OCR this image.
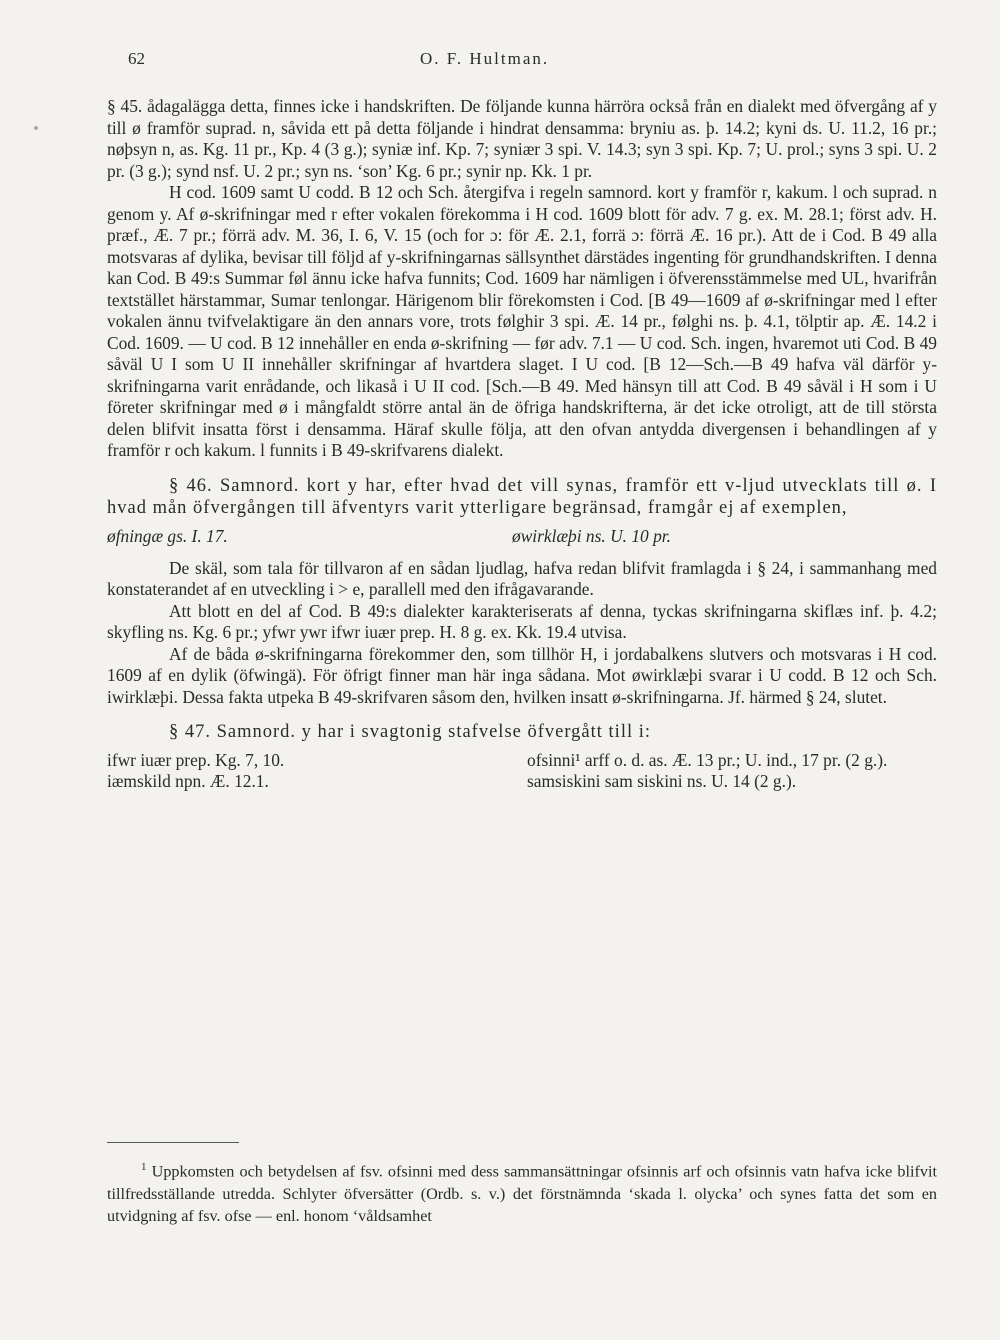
62	O. F. Hultman.

§ 45. ådagalägga detta, finnes icke i handskriften. De följande kunna härröra också från en dialekt med öfvergång af y till ø framför suprad. n, såvida ett på detta följande i hindrat densamma: bryniu as. þ. 14.2; kyni ds. U. 11.2, 16 pr.; nøþsyn n, as. Kg. 11 pr., Kp. 4 (3 g.); syniæ inf. Kp. 7; syniær 3 spi. V. 14.3; syn 3 spi. Kp. 7; U. prol.; syns 3 spi. U. 2 pr. (3 g.); synd nsf. U. 2 pr.; syn ns. ‘son’ Kg. 6 pr.; synir np. Kk. 1 pr.

H cod. 1609 samt U codd. B 12 och Sch. återgifva i regeln samnord. kort y framför r, kakum. l och suprad. n genom y. Af ø-skrifningar med r efter vokalen förekomma i H cod. 1609 blott för adv. 7 g. ex. M. 28.1; först adv. H. præf., Æ. 7 pr.; förrä adv. M. 36, I. 6, V. 15 (och for ɔ: för Æ. 2.1, forrä ɔ: förrä Æ. 16 pr.). Att de i Cod. B 49 alla motsvaras af dylika, bevisar till följd af y-skrifningarnas sällsynthet därstädes ingenting för grundhandskriften. I denna kan Cod. B 49:s Summar føl ännu icke hafva funnits; Cod. 1609 har nämligen i öfverensstämmelse med UL, hvarifrån textstället härstammar, Sumar tenlongar. Härigenom blir förekomsten i Cod. [B 49—1609 af ø-skrifningar med l efter vokalen ännu tvifvelaktigare än den annars vore, trots følghir 3 spi. Æ. 14 pr., følghi ns. þ. 4.1, tölptir ap. Æ. 14.2 i Cod. 1609. — U cod. B 12 innehåller en enda ø-skrifning — før adv. 7.1 — U cod. Sch. ingen, hvaremot uti Cod. B 49 såväl U I som U II innehåller skrifningar af hvartdera slaget. I U cod. [B 12—Sch.—B 49 hafva väl därför y-skrifningarna varit enrådande, och likaså i U II cod. [Sch.—B 49. Med hänsyn till att Cod. B 49 såväl i H som i U företer skrifningar med ø i mångfaldt större antal än de öfriga handskrifterna, är det icke otroligt, att de till största delen blifvit insatta först i densamma. Häraf skulle följa, att den ofvan antydda divergensen i behandlingen af y framför r och kakum. l funnits i B 49-skrifvarens dialekt.

§ 46. Samnord. kort y har, efter hvad det vill synas, framför ett v-ljud utvecklats till ø. I hvad mån öfvergången till äfventyrs varit ytterligare begränsad, framgår ej af exemplen,

øfningæ gs. I. 17.	øwirklæþi ns. U. 10 pr.

De skäl, som tala för tillvaron af en sådan ljudlag, hafva redan blifvit framlagda i § 24, i sammanhang med konstaterandet af en utveckling i > e, parallell med den ifrågavarande.

Att blott en del af Cod. B 49:s dialekter karakteriserats af denna, tyckas skrifningarna skiflæs inf. þ. 4.2; skyfling ns. Kg. 6 pr.; yfwr ywr ifwr iuær prep. H. 8 g. ex. Kk. 19.4 utvisa.

Af de båda ø-skrifningarna förekommer den, som tillhör H, i jordabalkens slutvers och motsvaras i H cod. 1609 af en dylik (öfwingä). För öfrigt finner man här inga sådana. Mot øwirklæþi svarar i U codd. B 12 och Sch. iwirklæþi. Dessa fakta utpeka B 49-skrifvaren såsom den, hvilken insatt ø-skrifningarna. Jf. härmed § 24, slutet.

§ 47. Samnord. y har i svagtonig stafvelse öfvergått till i:

ifwr iuær prep. Kg. 7, 10.
iæmskild npn. Æ. 12.1.
ofsinni¹ arff o. d. as. Æ. 13 pr.; U. ind., 17 pr. (2 g.).
samsiskini sam siskini ns. U. 14 (2 g.).
$^1$ Uppkomsten och betydelsen af fsv. ofsinni med dess sammansättningar ofsinnis arf och ofsinnis vatn hafva icke blifvit tillfredsställande utredda. Schlyter öfversätter (Ordb. s. v.) det förstnämnda ‘skada l. olycka’ och synes fatta det som en utvidgning af fsv. ofse — enl. honom ‘våldsamhet
